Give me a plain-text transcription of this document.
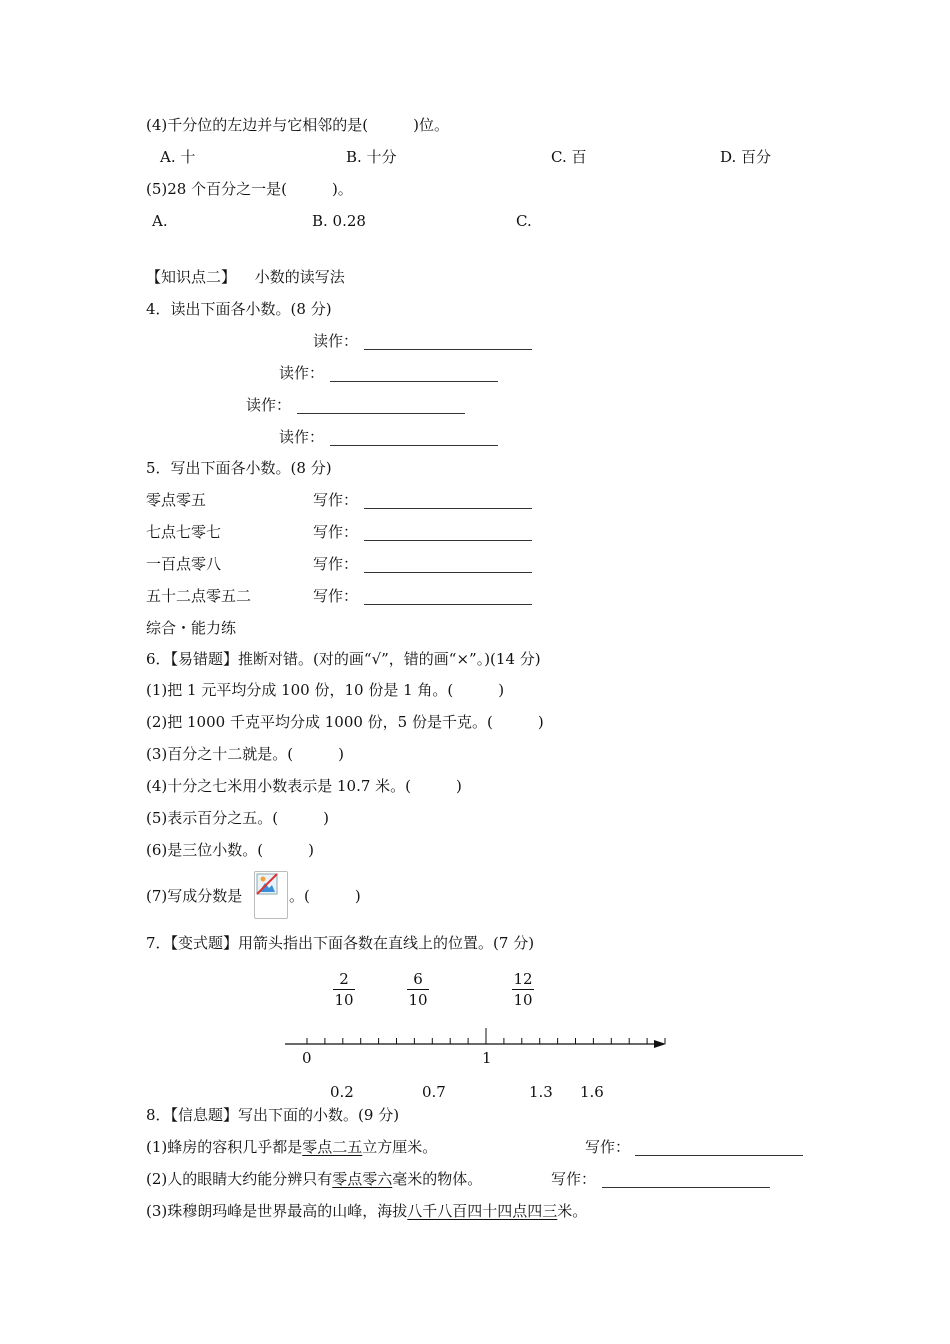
(4)千分位的左边并与它相邻的是(　　　)位。
A. 十	B. 十分	C. 百	D. 百分
(5)28 个百分之一是(　　　)。
A.	B. 0.28	C.
【知识点二】 小数的读写法
4．读出下面各小数。(8 分)
读作：
读作：
读作：
读作：
5．写出下面各小数。(8 分)
零点零五	写作：
七点七零七	写作：
一百点零八	写作：
五十二点零五二	写作：
综合・能力练
6．【易错题】推断对错。(对的画“√”，错的画“×”。)(14 分)
(1)把 1 元平均分成 100 份，10 份是 1 角。(　　　)
(2)把 1000 千克平均分成 1000 份，5 份是千克。(　　　)
(3)百分之十二就是。(　　　)
(4)十分之七米用小数表示是 10.7 米。(　　　)
(5)表示百分之五。(　　　)
(6)是三位小数。(　　　)
(7)写成分数是	。(　　　)
7．【变式题】用箭头指出下面各数在直线上的位置。(7 分)
2
10
6
10
12
10
0	1
0.2	0.7	1.3 1.6
8．【信息题】写出下面的小数。(9 分)
(1)蜂房的容积几乎都是零点二五立方厘米。	写作：
(2)人的眼睛大约能分辨只有零点零六毫米的物体。	写作：
(3)珠穆朗玛峰是世界最高的山峰，海拔八千八百四十四点四三米。
